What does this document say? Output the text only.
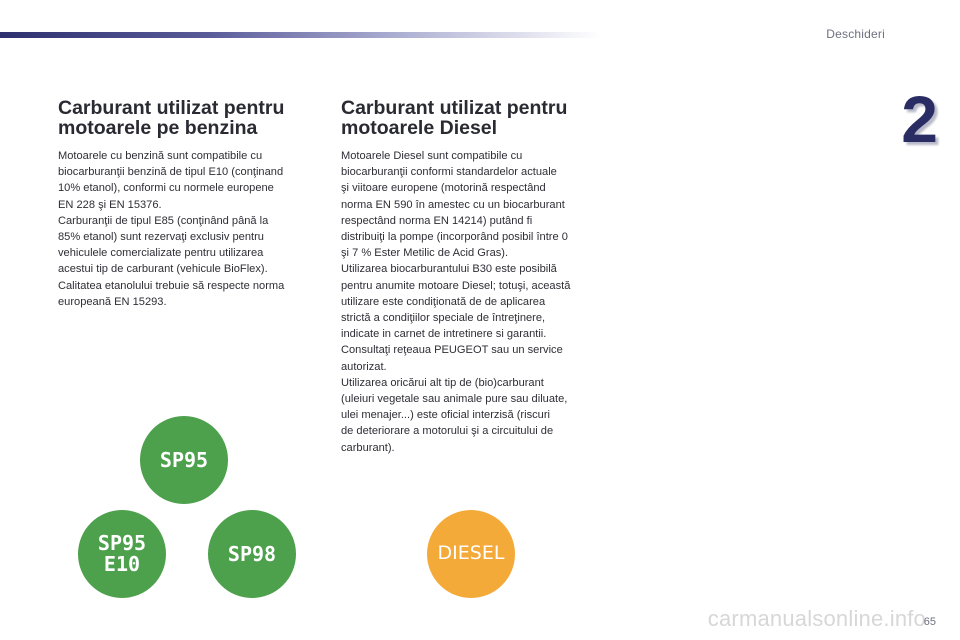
Deschideri
2
Carburant utilizat pentru
motoarele pe benzina

Motoarele cu benzină sunt compatibile cu
biocarburanţii benzină de tipul E10 (conţinand
10% etanol), conformi cu normele europene
EN 228 şi EN 15376.
Carburanţii de tipul E85 (conţinând până la
85% etanol) sunt rezervaţi exclusiv pentru
vehiculele comercializate pentru utilizarea
acestui tip de carburant (vehicule BioFlex).
Calitatea etanolului trebuie să respecte norma
europeană EN 15293.

Carburant utilizat pentru
motoarele Diesel

Motoarele Diesel sunt compatibile cu
biocarburanţii conformi standardelor actuale
şi viitoare europene (motorină respectând
norma EN 590 în amestec cu un biocarburant
respectând norma EN 14214) putând fi
distribuiţi la pompe (incorporând posibil între 0
şi 7 % Ester Metilic de Acid Gras).
Utilizarea biocarburantului B30 este posibilă
pentru anumite motoare Diesel; totuşi, această
utilizare este condiţionată de de aplicarea
strictă a condiţiilor speciale de întreţinere,
indicate in carnet de intretinere si garantii.
Consultaţi reţeaua PEUGEOT sau un service
autorizat.
Utilizarea oricărui alt tip de (bio)carburant
(uleiuri vegetale sau animale pure sau diluate,
ulei menajer...) este oficial interzisă (riscuri
de deteriorare a motorului şi a circuitului de
carburant).

SP95
SP95
E10	SP98	DIESEL
carmanualsonline.info
65
